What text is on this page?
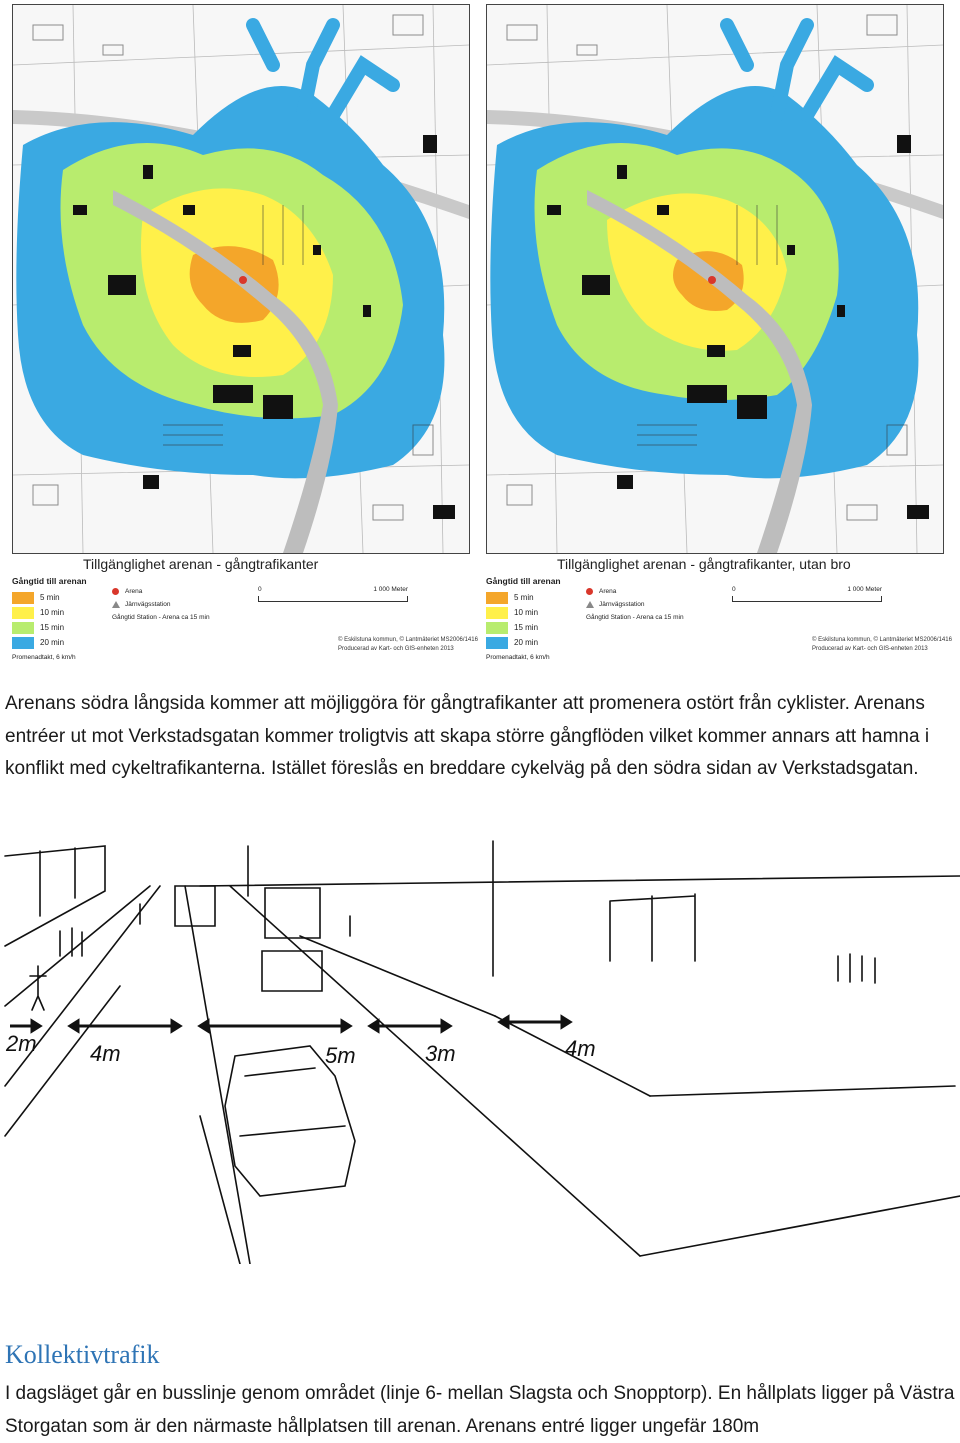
Tillgänglighet arenan - gångtrafikanter
Gångtid till arenan
5 min
10 min
15 min
20 min
Promenadtakt, 6 km/h
Arena
Järnvägsstation
Gångtid Station - Arena ca 15 min
0	1 000 Meter
© Eskilstuna kommun, © Lantmäteriet MS2006/1416
Producerad av Kart- och GIS-enheten 2013
Tillgänglighet arenan - gångtrafikanter, utan bro
Gångtid till arenan
5 min
10 min
15 min
20 min
Promenadtakt, 6 km/h
Arena
Järnvägsstation
Gångtid Station - Arena ca 15 min
0	1 000 Meter
© Eskilstuna kommun, © Lantmäteriet MS2006/1416
Producerad av Kart- och GIS-enheten 2013
Arenans södra långsida kommer att möjliggöra för gångtrafikanter att promenera ostört från cyklister. Arenans entréer ut mot Verkstadsgatan kommer troligtvis att skapa större gångflöden vilket kommer annars att hamna i konflikt med cykeltrafikanterna. Istället föreslås en breddare cykelväg på den södra sidan av Verkstadsgatan.
2m 4m	5m	3m	4m
Kollektivtrafik
I dagsläget går en busslinje genom området (linje 6- mellan Slagsta och Snopptorp). En hållplats ligger på Västra Storgatan som är den närmaste hållplatsen till arenan. Arenans entré ligger ungefär 180m
